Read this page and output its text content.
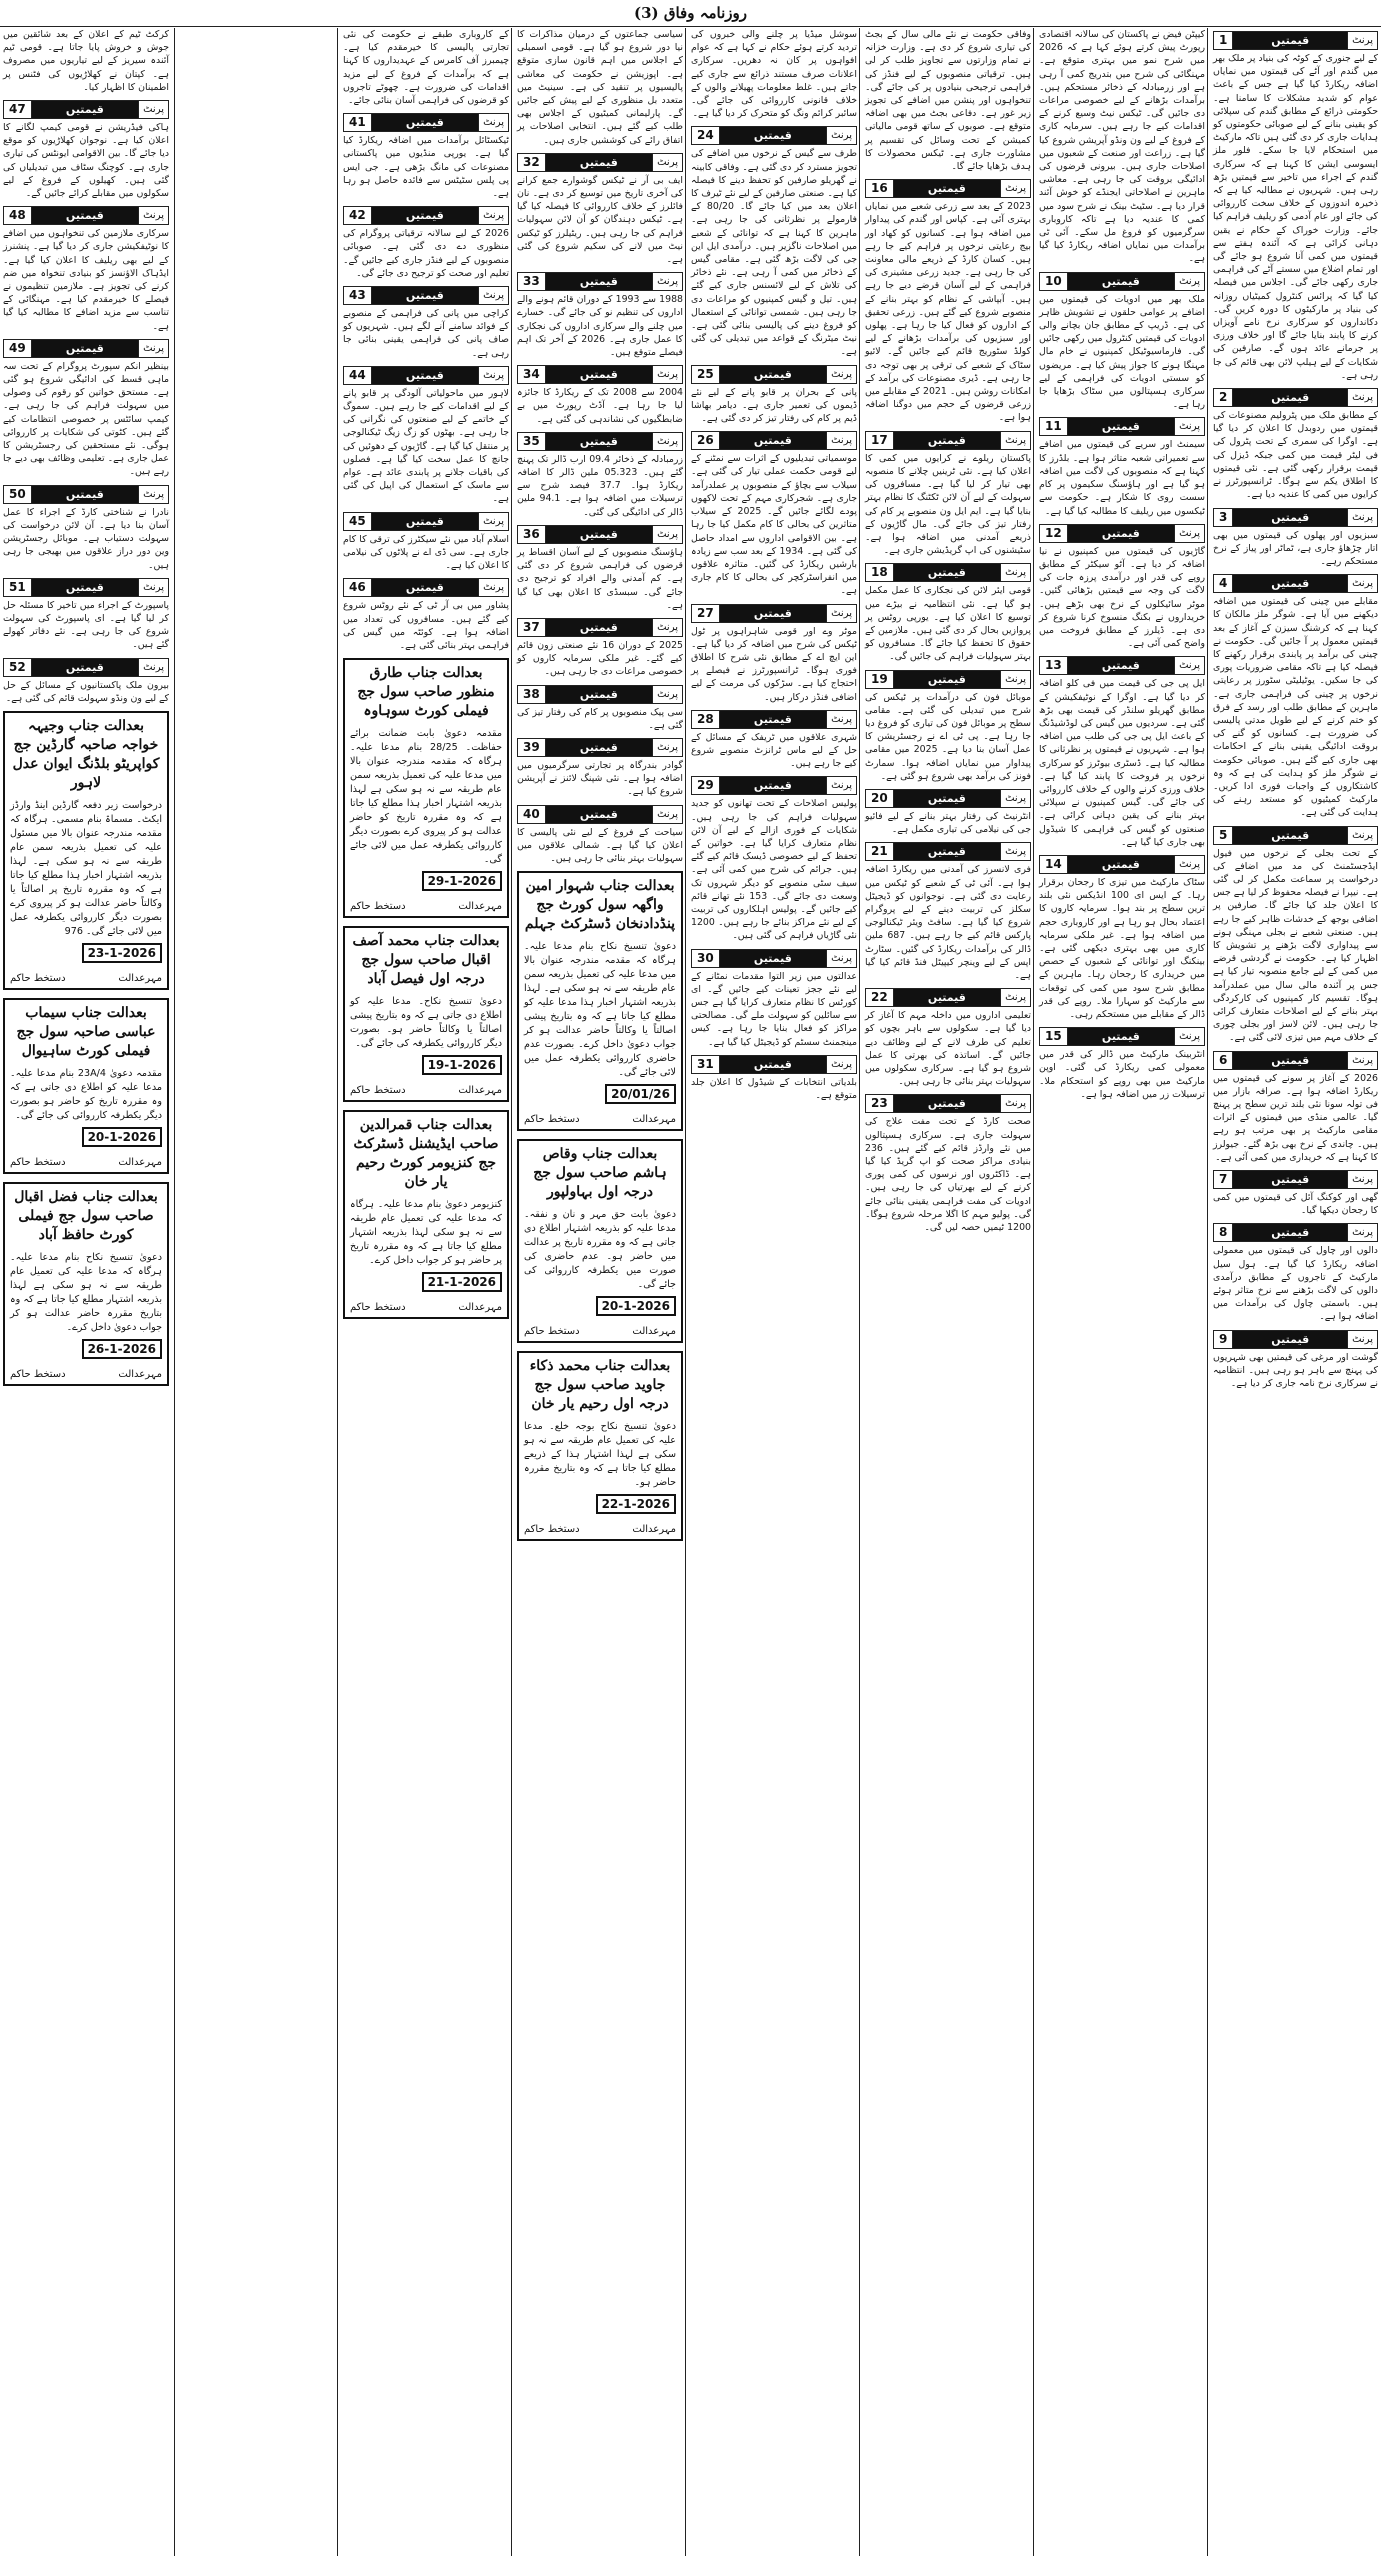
روزنامہ وفاق (3)
1	قیمتیں	پرنٹ
کے لیے جنوری کے کوٹہ کی بنیاد پر ملک بھر میں گندم اور آٹے کی قیمتوں میں نمایاں اضافہ ریکارڈ کیا گیا ہے جس کے باعث عوام کو شدید مشکلات کا سامنا ہے۔ حکومتی ذرائع کے مطابق گندم کی سپلائی کو یقینی بنانے کے لیے صوبائی حکومتوں کو ہدایات جاری کر دی گئی ہیں تاکہ مارکیٹ میں استحکام لایا جا سکے۔ فلور ملز ایسوسی ایشن کا کہنا ہے کہ سرکاری گندم کے اجراء میں تاخیر سے قیمتیں بڑھ رہی ہیں۔ شہریوں نے مطالبہ کیا ہے کہ ذخیرہ اندوزوں کے خلاف سخت کارروائی کی جائے اور عام آدمی کو ریلیف فراہم کیا جائے۔ وزارت خوراک کے حکام نے یقین دہانی کرائی ہے کہ آئندہ ہفتے سے قیمتوں میں کمی آنا شروع ہو جائے گی اور تمام اضلاع میں سستے آٹے کی فراہمی جاری رکھی جائے گی۔ اجلاس میں فیصلہ کیا گیا کہ پرائس کنٹرول کمیٹیاں روزانہ کی بنیاد پر مارکیٹوں کا دورہ کریں گی۔ دکانداروں کو سرکاری نرخ نامے آویزاں کرنے کا پابند بنایا جائے گا اور خلاف ورزی پر جرمانے عائد ہوں گے۔ صارفین کی شکایات کے لیے ہیلپ لائن بھی قائم کی جا رہی ہے۔
2	قیمتیں	پرنٹ
کے مطابق ملک میں پٹرولیم مصنوعات کی قیمتوں میں ردوبدل کا اعلان کر دیا گیا ہے۔ اوگرا کی سمری کے تحت پٹرول کی فی لیٹر قیمت میں کمی جبکہ ڈیزل کی قیمت برقرار رکھی گئی ہے۔ نئی قیمتوں کا اطلاق یکم سے ہوگا۔ ٹرانسپورٹرز نے کرایوں میں کمی کا عندیہ دیا ہے۔
3	قیمتیں	پرنٹ
سبزیوں اور پھلوں کی قیمتوں میں بھی اتار چڑھاؤ جاری ہے، ٹماٹر اور پیاز کے نرخ مستحکم رہے۔
4	قیمتیں	پرنٹ
مقابلے میں چینی کی قیمتوں میں اضافہ دیکھنے میں آیا ہے۔ شوگر ملز مالکان کا کہنا ہے کہ کرشنگ سیزن کے آغاز کے بعد قیمتیں معمول پر آ جائیں گی۔ حکومت نے چینی کی برآمد پر پابندی برقرار رکھنے کا فیصلہ کیا ہے تاکہ مقامی ضروریات پوری کی جا سکیں۔ یوٹیلیٹی سٹورز پر رعایتی نرخوں پر چینی کی فراہمی جاری ہے۔ ماہرین کے مطابق طلب اور رسد کے فرق کو ختم کرنے کے لیے طویل مدتی پالیسی کی ضرورت ہے۔ کسانوں کو گنے کی بروقت ادائیگی یقینی بنانے کے احکامات بھی جاری کیے گئے ہیں۔ صوبائی حکومت نے شوگر ملز کو ہدایت کی ہے کہ وہ کاشتکاروں کے واجبات فوری ادا کریں۔ مارکیٹ کمیٹیوں کو مستعد رہنے کی ہدایت کی گئی ہے۔
5	قیمتیں	پرنٹ
کے تحت بجلی کے نرخوں میں فیول ایڈجسٹمنٹ کی مد میں اضافے کی درخواست پر سماعت مکمل کر لی گئی ہے۔ نیپرا نے فیصلہ محفوظ کر لیا ہے جس کا اعلان جلد کیا جائے گا۔ صارفین پر اضافی بوجھ کے خدشات ظاہر کیے جا رہے ہیں۔ صنعتی شعبے نے بجلی مہنگی ہونے سے پیداواری لاگت بڑھنے پر تشویش کا اظہار کیا ہے۔ حکومت نے گردشی قرضے میں کمی کے لیے جامع منصوبہ تیار کیا ہے جس پر آئندہ مالی سال میں عملدرآمد ہوگا۔ تقسیم کار کمپنیوں کی کارکردگی بہتر بنانے کے لیے اصلاحات متعارف کرائی جا رہی ہیں۔ لائن لاسز اور بجلی چوری کے خلاف مہم میں تیزی لائی گئی ہے۔
6	قیمتیں	پرنٹ
2026 کے آغاز پر سونے کی قیمتوں میں ریکارڈ اضافہ ہوا ہے۔ صرافہ بازار میں فی تولہ سونا نئی بلند ترین سطح پر پہنچ گیا۔ عالمی منڈی میں قیمتوں کے اثرات مقامی مارکیٹ پر بھی مرتب ہو رہے ہیں۔ چاندی کے نرخ بھی بڑھ گئے۔ جیولرز کا کہنا ہے کہ خریداری میں کمی آئی ہے۔
7	قیمتیں	پرنٹ
گھی اور کوکنگ آئل کی قیمتوں میں کمی کا رجحان دیکھا گیا۔
8	قیمتیں	پرنٹ
دالوں اور چاول کی قیمتوں میں معمولی اضافہ ریکارڈ کیا گیا ہے۔ ہول سیل مارکیٹ کے تاجروں کے مطابق درآمدی دالوں کی لاگت بڑھنے سے نرخ متاثر ہوئے ہیں۔ باسمتی چاول کی برآمدات میں اضافہ ہوا ہے۔
9	قیمتیں	پرنٹ
گوشت اور مرغی کی قیمتیں بھی شہریوں کی پہنچ سے باہر ہو رہی ہیں۔ انتظامیہ نے سرکاری نرخ نامہ جاری کر دیا ہے۔
کیپٹن فیض نے پاکستان کی سالانہ اقتصادی رپورٹ پیش کرتے ہوئے کہا ہے کہ 2026 میں شرح نمو میں بہتری متوقع ہے۔ مہنگائی کی شرح میں بتدریج کمی آ رہی ہے اور زرمبادلہ کے ذخائر مستحکم ہیں۔ برآمدات بڑھانے کے لیے خصوصی مراعات دی جائیں گی۔ ٹیکس نیٹ وسیع کرنے کے اقدامات کیے جا رہے ہیں۔ سرمایہ کاری کے فروغ کے لیے ون ونڈو آپریشن شروع کیا گیا ہے۔ زراعت اور صنعت کے شعبوں میں اصلاحات جاری ہیں۔ بیرونی قرضوں کی ادائیگی بروقت کی جا رہی ہے۔ معاشی ماہرین نے اصلاحاتی ایجنڈے کو خوش آئند قرار دیا ہے۔ سٹیٹ بینک نے شرح سود میں کمی کا عندیہ دیا ہے تاکہ کاروباری سرگرمیوں کو فروغ مل سکے۔ آئی ٹی برآمدات میں نمایاں اضافہ ریکارڈ کیا گیا ہے۔
10	قیمتیں	پرنٹ
ملک بھر میں ادویات کی قیمتوں میں اضافے پر عوامی حلقوں نے تشویش ظاہر کی ہے۔ ڈریپ کے مطابق جان بچانے والی ادویات کی قیمتیں کنٹرول میں رکھی جائیں گی۔ فارماسیوٹیکل کمپنیوں نے خام مال مہنگا ہونے کا جواز پیش کیا ہے۔ مریضوں کو سستی ادویات کی فراہمی کے لیے سرکاری ہسپتالوں میں سٹاک بڑھایا جا رہا ہے۔
11	قیمتیں	پرنٹ
سیمنٹ اور سریے کی قیمتوں میں اضافے سے تعمیراتی شعبہ متاثر ہوا ہے۔ بلڈرز کا کہنا ہے کہ منصوبوں کی لاگت میں اضافہ ہو گیا ہے اور ہاؤسنگ سکیموں پر کام سست روی کا شکار ہے۔ حکومت سے ٹیکسوں میں ریلیف کا مطالبہ کیا گیا ہے۔
12	قیمتیں	پرنٹ
گاڑیوں کی قیمتوں میں کمپنیوں نے نیا اضافہ کر دیا ہے۔ آٹو سیکٹر کے مطابق روپے کی قدر اور درآمدی پرزہ جات کی لاگت کی وجہ سے قیمتیں بڑھائی گئیں۔ موٹر سائیکلوں کے نرخ بھی بڑھے ہیں۔ خریداروں نے بکنگ منسوخ کرنا شروع کر دی ہے۔ ڈیلرز کے مطابق فروخت میں واضح کمی آئی ہے۔
13	قیمتیں	پرنٹ
ایل پی جی کی قیمت میں فی کلو اضافہ کر دیا گیا ہے۔ اوگرا کے نوٹیفکیشن کے مطابق گھریلو سلنڈر کی قیمت بھی بڑھ گئی ہے۔ سردیوں میں گیس کی لوڈشیڈنگ کے باعث ایل پی جی کی طلب میں اضافہ ہوا ہے۔ شہریوں نے قیمتوں پر نظرثانی کا مطالبہ کیا ہے۔ ڈسٹری بیوٹرز کو سرکاری نرخوں پر فروخت کا پابند کیا گیا ہے۔ خلاف ورزی کرنے والوں کے خلاف کارروائی کی جائے گی۔ گیس کمپنیوں نے سپلائی بہتر بنانے کی یقین دہانی کرائی ہے۔ صنعتوں کو گیس کی فراہمی کا شیڈول بھی جاری کیا گیا ہے۔
14	قیمتیں	پرنٹ
سٹاک مارکیٹ میں تیزی کا رجحان برقرار رہا۔ کے ایس ای 100 انڈیکس نئی بلند ترین سطح پر بند ہوا۔ سرمایہ کاروں کا اعتماد بحال ہو رہا ہے اور کاروباری حجم میں اضافہ ہوا ہے۔ غیر ملکی سرمایہ کاری میں بھی بہتری دیکھی گئی ہے۔ بینکنگ اور توانائی کے شعبوں کے حصص میں خریداری کا رجحان رہا۔ ماہرین کے مطابق شرح سود میں کمی کی توقعات سے مارکیٹ کو سہارا ملا۔ روپے کی قدر ڈالر کے مقابلے میں مستحکم رہی۔
15	قیمتیں	پرنٹ
انٹربینک مارکیٹ میں ڈالر کی قدر میں معمولی کمی ریکارڈ کی گئی۔ اوپن مارکیٹ میں بھی روپے کو استحکام ملا۔ ترسیلات زر میں اضافہ ہوا ہے۔
وفاقی حکومت نے نئے مالی سال کے بجٹ کی تیاری شروع کر دی ہے۔ وزارت خزانہ نے تمام وزارتوں سے تجاویز طلب کر لی ہیں۔ ترقیاتی منصوبوں کے لیے فنڈز کی فراہمی ترجیحی بنیادوں پر کی جائے گی۔ تنخواہوں اور پنشن میں اضافے کی تجویز زیر غور ہے۔ دفاعی بجٹ میں بھی اضافہ متوقع ہے۔ صوبوں کے ساتھ قومی مالیاتی کمیشن کے تحت وسائل کی تقسیم پر مشاورت جاری ہے۔ ٹیکس محصولات کا ہدف بڑھایا جائے گا۔
16	قیمتیں	پرنٹ
2023 کے بعد سے زرعی شعبے میں نمایاں بہتری آئی ہے۔ کپاس اور گندم کی پیداوار میں اضافہ ہوا ہے۔ کسانوں کو کھاد اور بیج رعایتی نرخوں پر فراہم کیے جا رہے ہیں۔ کسان کارڈ کے ذریعے مالی معاونت کی جا رہی ہے۔ جدید زرعی مشینری کی فراہمی کے لیے آسان قرضے دیے جا رہے ہیں۔ آبپاشی کے نظام کو بہتر بنانے کے منصوبے شروع کیے گئے ہیں۔ زرعی تحقیق کے اداروں کو فعال کیا جا رہا ہے۔ پھلوں اور سبزیوں کی برآمدات بڑھانے کے لیے کولڈ سٹوریج قائم کیے جائیں گے۔ لائیو سٹاک کے شعبے کی ترقی پر بھی توجہ دی جا رہی ہے۔ ڈیری مصنوعات کی برآمد کے امکانات روشن ہیں۔ 2021 کے مقابلے میں زرعی قرضوں کے حجم میں دوگنا اضافہ ہوا ہے۔
17	قیمتیں	پرنٹ
پاکستان ریلوے نے کرایوں میں کمی کا اعلان کیا ہے۔ نئی ٹرینیں چلانے کا منصوبہ بھی تیار کر لیا گیا ہے۔ مسافروں کی سہولت کے لیے آن لائن ٹکٹنگ کا نظام بہتر بنایا گیا ہے۔ ایم ایل ون منصوبے پر کام کی رفتار تیز کی جائے گی۔ مال گاڑیوں کے ذریعے آمدنی میں اضافہ ہوا ہے۔ سٹیشنوں کی اپ گریڈیشن جاری ہے۔
18	قیمتیں	پرنٹ
قومی ایئر لائن کی نجکاری کا عمل مکمل ہو گیا ہے۔ نئی انتظامیہ نے بیڑے میں توسیع کا اعلان کیا ہے۔ یورپی روٹس پر پروازیں بحال کر دی گئی ہیں۔ ملازمین کے حقوق کا تحفظ کیا جائے گا۔ مسافروں کو بہتر سہولیات فراہم کی جائیں گی۔
19	قیمتیں	پرنٹ
موبائل فون کی درآمدات پر ٹیکس کی شرح میں تبدیلی کی گئی ہے۔ مقامی سطح پر موبائل فون کی تیاری کو فروغ دیا جا رہا ہے۔ پی ٹی اے نے رجسٹریشن کا عمل آسان بنا دیا ہے۔ 2025 میں مقامی پیداوار میں نمایاں اضافہ ہوا۔ سمارٹ فونز کی برآمد بھی شروع ہو گئی ہے۔
20	قیمتیں	پرنٹ
انٹرنیٹ کی رفتار بہتر بنانے کے لیے فائیو جی کی نیلامی کی تیاری مکمل ہے۔
21	قیمتیں	پرنٹ
فری لانسرز کی آمدنی میں ریکارڈ اضافہ ہوا ہے۔ آئی ٹی کے شعبے کو ٹیکس میں رعایت دی گئی ہے۔ نوجوانوں کو ڈیجیٹل سکلز کی تربیت دینے کے لیے پروگرام شروع کیا گیا ہے۔ سافٹ ویئر ٹیکنالوجی پارکس قائم کیے جا رہے ہیں۔ 687 ملین ڈالر کی برآمدات ریکارڈ کی گئیں۔ سٹارٹ اپس کے لیے وینچر کیپیٹل فنڈ قائم کیا گیا ہے۔
22	قیمتیں	پرنٹ
تعلیمی اداروں میں داخلہ مہم کا آغاز کر دیا گیا ہے۔ سکولوں سے باہر بچوں کو تعلیم کی طرف لانے کے لیے وظائف دیے جائیں گے۔ اساتذہ کی بھرتی کا عمل شروع ہو گیا ہے۔ سرکاری سکولوں میں سہولیات بہتر بنائی جا رہی ہیں۔
23	قیمتیں	پرنٹ
صحت کارڈ کے تحت مفت علاج کی سہولت جاری ہے۔ سرکاری ہسپتالوں میں نئے وارڈز قائم کیے گئے ہیں۔ 236 بنیادی مراکز صحت کو اپ گریڈ کیا گیا ہے۔ ڈاکٹروں اور نرسوں کی کمی پوری کرنے کے لیے بھرتیاں کی جا رہی ہیں۔ ادویات کی مفت فراہمی یقینی بنائی جائے گی۔ پولیو مہم کا اگلا مرحلہ شروع ہوگا۔ 1200 ٹیمیں حصہ لیں گی۔
سوشل میڈیا پر چلنے والی خبروں کی تردید کرتے ہوئے حکام نے کہا ہے کہ عوام افواہوں پر کان نہ دھریں۔ سرکاری اعلانات صرف مستند ذرائع سے جاری کیے جاتے ہیں۔ غلط معلومات پھیلانے والوں کے خلاف قانونی کارروائی کی جائے گی۔ سائبر کرائم ونگ کو متحرک کر دیا گیا ہے۔
24	قیمتیں	پرنٹ
طرف سے گیس کے نرخوں میں اضافے کی تجویز مسترد کر دی گئی ہے۔ وفاقی کابینہ نے گھریلو صارفین کو تحفظ دینے کا فیصلہ کیا ہے۔ صنعتی صارفین کے لیے نئے ٹیرف کا اعلان بعد میں کیا جائے گا۔ 80/20 کے فارمولے پر نظرثانی کی جا رہی ہے۔ ماہرین کا کہنا ہے کہ توانائی کے شعبے میں اصلاحات ناگزیر ہیں۔ درآمدی ایل این جی کی لاگت بڑھ گئی ہے۔ مقامی گیس کے ذخائر میں کمی آ رہی ہے۔ نئے ذخائر کی تلاش کے لیے لائسنس جاری کیے گئے ہیں۔ تیل و گیس کمپنیوں کو مراعات دی جا رہی ہیں۔ شمسی توانائی کے استعمال کو فروغ دینے کی پالیسی بنائی گئی ہے۔ نیٹ میٹرنگ کے قواعد میں تبدیلی کی گئی ہے۔
25	قیمتیں	پرنٹ
پانی کے بحران پر قابو پانے کے لیے نئے ڈیموں کی تعمیر جاری ہے۔ دیامر بھاشا ڈیم پر کام کی رفتار تیز کر دی گئی ہے۔
26	قیمتیں	پرنٹ
موسمیاتی تبدیلیوں کے اثرات سے نمٹنے کے لیے قومی حکمت عملی تیار کی گئی ہے۔ سیلاب سے بچاؤ کے منصوبوں پر عملدرآمد جاری ہے۔ شجرکاری مہم کے تحت لاکھوں پودے لگائے جائیں گے۔ 2025 کے سیلاب متاثرین کی بحالی کا کام مکمل کیا جا رہا ہے۔ بین الاقوامی اداروں سے امداد حاصل کی گئی ہے۔ 1934 کے بعد سب سے زیادہ بارشیں ریکارڈ کی گئیں۔ متاثرہ علاقوں میں انفراسٹرکچر کی بحالی کا کام جاری ہے۔
27	قیمتیں	پرنٹ
موٹر وے اور قومی شاہراہوں پر ٹول ٹیکس کی شرح میں اضافہ کر دیا گیا ہے۔ این ایچ اے کے مطابق نئی شرح کا اطلاق فوری ہوگا۔ ٹرانسپورٹرز نے فیصلے پر احتجاج کیا ہے۔ سڑکوں کی مرمت کے لیے اضافی فنڈز درکار ہیں۔
28	قیمتیں	پرنٹ
شہری علاقوں میں ٹریفک کے مسائل کے حل کے لیے ماس ٹرانزٹ منصوبے شروع کیے جا رہے ہیں۔
29	قیمتیں	پرنٹ
پولیس اصلاحات کے تحت تھانوں کو جدید سہولیات فراہم کی جا رہی ہیں۔ شکایات کے فوری ازالے کے لیے آن لائن نظام متعارف کرایا گیا ہے۔ خواتین کے تحفظ کے لیے خصوصی ڈیسک قائم کیے گئے ہیں۔ جرائم کی شرح میں کمی آئی ہے۔ سیف سٹی منصوبے کو دیگر شہروں تک وسعت دی جائے گی۔ 153 نئے تھانے قائم کیے جائیں گے۔ پولیس اہلکاروں کی تربیت کے لیے نئے مراکز بنائے جا رہے ہیں۔ 1200 نئی گاڑیاں فراہم کی گئی ہیں۔
30	قیمتیں	پرنٹ
عدالتوں میں زیر التوا مقدمات نمٹانے کے لیے نئے ججز تعینات کیے جائیں گے۔ ای کورٹس کا نظام متعارف کرایا گیا ہے جس سے سائلین کو سہولت ملے گی۔ مصالحتی مراکز کو فعال بنایا جا رہا ہے۔ کیس مینجمنٹ سسٹم کو ڈیجیٹل کیا گیا ہے۔
31	قیمتیں	پرنٹ
بلدیاتی انتخابات کے شیڈول کا اعلان جلد متوقع ہے۔
سیاسی جماعتوں کے درمیان مذاکرات کا نیا دور شروع ہو گیا ہے۔ قومی اسمبلی کے اجلاس میں اہم قانون سازی متوقع ہے۔ اپوزیشن نے حکومت کی معاشی پالیسیوں پر تنقید کی ہے۔ سینیٹ میں متعدد بل منظوری کے لیے پیش کیے جائیں گے۔ پارلیمانی کمیٹیوں کے اجلاس بھی طلب کیے گئے ہیں۔ انتخابی اصلاحات پر اتفاق رائے کی کوششیں جاری ہیں۔
32	قیمتیں	پرنٹ
ایف بی آر نے ٹیکس گوشوارے جمع کرانے کی آخری تاریخ میں توسیع کر دی ہے۔ نان فائلرز کے خلاف کارروائی کا فیصلہ کیا گیا ہے۔ ٹیکس دہندگان کو آن لائن سہولیات فراہم کی جا رہی ہیں۔ ریٹیلرز کو ٹیکس نیٹ میں لانے کی سکیم شروع کی گئی ہے۔
33	قیمتیں	پرنٹ
1988 سے 1993 کے دوران قائم ہونے والے اداروں کی تنظیم نو کی جائے گی۔ خسارے میں چلنے والے سرکاری اداروں کی نجکاری کا عمل جاری ہے۔ 2026 کے آخر تک اہم فیصلے متوقع ہیں۔
34	قیمتیں	پرنٹ
2004 سے 2008 تک کے ریکارڈ کا جائزہ لیا جا رہا ہے۔ آڈٹ رپورٹ میں بے ضابطگیوں کی نشاندہی کی گئی ہے۔
35	قیمتیں	پرنٹ
زرمبادلہ کے ذخائر 09.4 ارب ڈالر تک پہنچ گئے ہیں۔ 05.323 ملین ڈالر کا اضافہ ریکارڈ ہوا۔ 37.7 فیصد شرح سے ترسیلات میں اضافہ ہوا ہے۔ 94.1 ملین ڈالر کی ادائیگی کی گئی۔
36	قیمتیں	پرنٹ
ہاؤسنگ منصوبوں کے لیے آسان اقساط پر قرضوں کی فراہمی شروع کر دی گئی ہے۔ کم آمدنی والے افراد کو ترجیح دی جائے گی۔ سبسڈی کا اعلان بھی کیا گیا ہے۔
37	قیمتیں	پرنٹ
2025 کے دوران 16 نئے صنعتی زون قائم کیے گئے۔ غیر ملکی سرمایہ کاروں کو خصوصی مراعات دی جا رہی ہیں۔
38	قیمتیں	پرنٹ
سی پیک منصوبوں پر کام کی رفتار تیز کی گئی ہے۔
39	قیمتیں	پرنٹ
گوادر بندرگاہ پر تجارتی سرگرمیوں میں اضافہ ہوا ہے۔ نئی شپنگ لائنز نے آپریشن شروع کیا ہے۔
40	قیمتیں	پرنٹ
سیاحت کے فروغ کے لیے نئی پالیسی کا اعلان کیا گیا ہے۔ شمالی علاقوں میں سہولیات بہتر بنائی جا رہی ہیں۔
بعدالت جناب شہوار امین واگھہ سول کورٹ جج پنڈدادنخان ڈسٹرکٹ جہلم
دعویٰ تنسیخ نکاح بنام مدعا علیہ۔ ہرگاہ کہ مقدمہ مندرجہ عنوان بالا میں مدعا علیہ کی تعمیل بذریعہ سمن عام طریقہ سے نہ ہو سکی ہے۔ لہذا بذریعہ اشتہار اخبار ہذا مدعا علیہ کو مطلع کیا جاتا ہے کہ وہ بتاریخ پیشی اصالتاً یا وکالتاً حاضر عدالت ہو کر جواب دعویٰ داخل کرے۔ بصورت عدم حاضری کارروائی یکطرفہ عمل میں لائی جائے گی۔
20/01/26
مہرعدالت
دستخط حاکم
بعدالت جناب وقاص ہاشم صاحب سول جج درجہ اول بہاولپور
دعویٰ بابت حق مہر و نان و نفقہ۔ مدعا علیہ کو بذریعہ اشتہار اطلاع دی جاتی ہے کہ وہ مقررہ تاریخ پر عدالت میں حاضر ہو۔ عدم حاضری کی صورت میں یکطرفہ کارروائی کی جائے گی۔
20-1-2026
مہرعدالت
دستخط حاکم
بعدالت جناب محمد ذکاء جاوید صاحب سول جج درجہ اول رحیم یار خان
دعویٰ تنسیخ نکاح بوجہ خلع۔ مدعا علیہ کی تعمیل عام طریقہ سے نہ ہو سکی ہے لہذا اشتہار ہذا کے ذریعے مطلع کیا جاتا ہے کہ وہ بتاریخ مقررہ حاضر ہو۔
22-1-2026
مہرعدالت
دستخط حاکم
کے کاروباری طبقے نے حکومت کی نئی تجارتی پالیسی کا خیرمقدم کیا ہے۔ چیمبرز آف کامرس کے عہدیداروں کا کہنا ہے کہ برآمدات کے فروغ کے لیے مزید اقدامات کی ضرورت ہے۔ چھوٹے تاجروں کو قرضوں کی فراہمی آسان بنائی جائے۔
41	قیمتیں	پرنٹ
ٹیکسٹائل برآمدات میں اضافہ ریکارڈ کیا گیا ہے۔ یورپی منڈیوں میں پاکستانی مصنوعات کی مانگ بڑھی ہے۔ جی ایس پی پلس سٹیٹس سے فائدہ حاصل ہو رہا ہے۔
42	قیمتیں	پرنٹ
2026 کے لیے سالانہ ترقیاتی پروگرام کی منظوری دے دی گئی ہے۔ صوبائی منصوبوں کے لیے فنڈز جاری کیے جائیں گے۔ تعلیم اور صحت کو ترجیح دی جائے گی۔
43	قیمتیں	پرنٹ
کراچی میں پانی کی فراہمی کے منصوبے کے فوائد سامنے آنے لگے ہیں۔ شہریوں کو صاف پانی کی فراہمی یقینی بنائی جا رہی ہے۔
44	قیمتیں	پرنٹ
لاہور میں ماحولیاتی آلودگی پر قابو پانے کے لیے اقدامات کیے جا رہے ہیں۔ سموگ کے خاتمے کے لیے صنعتوں کی نگرانی کی جا رہی ہے۔ بھٹوں کو زگ زیگ ٹیکنالوجی پر منتقل کیا گیا ہے۔ گاڑیوں کے دھوئیں کی جانچ کا عمل سخت کیا گیا ہے۔ فصلوں کی باقیات جلانے پر پابندی عائد ہے۔ عوام سے ماسک کے استعمال کی اپیل کی گئی ہے۔
45	قیمتیں	پرنٹ
اسلام آباد میں نئے سیکٹرز کی ترقی کا کام جاری ہے۔ سی ڈی اے نے پلاٹوں کی نیلامی کا اعلان کیا ہے۔
46	قیمتیں	پرنٹ
پشاور میں بی آر ٹی کے نئے روٹس شروع کیے گئے ہیں۔ مسافروں کی تعداد میں اضافہ ہوا ہے۔ کوئٹہ میں گیس کی فراہمی بہتر بنائی گئی ہے۔
بعدالت جناب طارق منظور صاحب سول جج فیملی کورٹ سوہاوہ
مقدمہ دعویٰ بابت ضمانت برائے حفاظت۔ 28/25 بنام مدعا علیہ۔ ہرگاہ کہ مقدمہ مندرجہ عنوان بالا میں مدعا علیہ کی تعمیل بذریعہ سمن عام طریقہ سے نہ ہو سکی ہے لہذا بذریعہ اشتہار اخبار ہذا مطلع کیا جاتا ہے کہ وہ مقررہ تاریخ کو حاضر عدالت ہو کر پیروی کرے بصورت دیگر کارروائی یکطرفہ عمل میں لائی جائے گی۔
29-1-2026
مہرعدالت
دستخط حاکم
بعدالت جناب محمد آصف اقبال صاحب سول جج درجہ اول فیصل آباد
دعویٰ تنسیخ نکاح۔ مدعا علیہ کو اطلاع دی جاتی ہے کہ وہ بتاریخ پیشی اصالتاً یا وکالتاً حاضر ہو۔ بصورت دیگر کارروائی یکطرفہ کی جائے گی۔
19-1-2026
مہرعدالت
دستخط حاکم
بعدالت جناب قمرالدین صاحب ایڈیشنل ڈسٹرکٹ جج کنزیومر کورٹ رحیم یار خان
کنزیومر دعویٰ بنام مدعا علیہ۔ ہرگاہ کہ مدعا علیہ کی تعمیل عام طریقہ سے نہ ہو سکی لہذا بذریعہ اشتہار مطلع کیا جاتا ہے کہ وہ مقررہ تاریخ پر حاضر ہو کر جواب داخل کرے۔
21-1-2026
مہرعدالت
دستخط حاکم
کرکٹ ٹیم کے اعلان کے بعد شائقین میں جوش و خروش پایا جاتا ہے۔ قومی ٹیم آئندہ سیریز کے لیے تیاریوں میں مصروف ہے۔ کپتان نے کھلاڑیوں کی فٹنس پر اطمینان کا اظہار کیا۔
47	قیمتیں	پرنٹ
ہاکی فیڈریشن نے قومی کیمپ لگانے کا اعلان کیا ہے۔ نوجوان کھلاڑیوں کو موقع دیا جائے گا۔ بین الاقوامی ایونٹس کی تیاری جاری ہے۔ کوچنگ سٹاف میں تبدیلیاں کی گئی ہیں۔ کھیلوں کے فروغ کے لیے سکولوں میں مقابلے کرائے جائیں گے۔
48	قیمتیں	پرنٹ
سرکاری ملازمین کی تنخواہوں میں اضافے کا نوٹیفکیشن جاری کر دیا گیا ہے۔ پنشنرز کے لیے بھی ریلیف کا اعلان کیا گیا ہے۔ ایڈہاک الاؤنسز کو بنیادی تنخواہ میں ضم کرنے کی تجویز ہے۔ ملازمین تنظیموں نے فیصلے کا خیرمقدم کیا ہے۔ مہنگائی کے تناسب سے مزید اضافے کا مطالبہ کیا گیا ہے۔
49	قیمتیں	پرنٹ
بینظیر انکم سپورٹ پروگرام کے تحت سہ ماہی قسط کی ادائیگی شروع ہو گئی ہے۔ مستحق خواتین کو رقوم کی وصولی میں سہولت فراہم کی جا رہی ہے۔ کیمپ سائٹس پر خصوصی انتظامات کیے گئے ہیں۔ کٹوتی کی شکایات پر کارروائی ہوگی۔ نئے مستحقین کی رجسٹریشن کا عمل جاری ہے۔ تعلیمی وظائف بھی دیے جا رہے ہیں۔
50	قیمتیں	پرنٹ
نادرا نے شناختی کارڈ کے اجراء کا عمل آسان بنا دیا ہے۔ آن لائن درخواست کی سہولت دستیاب ہے۔ موبائل رجسٹریشن وین دور دراز علاقوں میں بھیجی جا رہی ہیں۔
51	قیمتیں	پرنٹ
پاسپورٹ کے اجراء میں تاخیر کا مسئلہ حل کر لیا گیا ہے۔ ای پاسپورٹ کی سہولت شروع کی جا رہی ہے۔ نئے دفاتر کھولے گئے ہیں۔
52	قیمتیں	پرنٹ
بیرون ملک پاکستانیوں کے مسائل کے حل کے لیے ون ونڈو سہولت قائم کی گئی ہے۔
بعدالت جناب وجیہہ خواجہ صاحبہ گارڈین جج کواپریٹو بلڈنگ ایوان عدل لاہور
درخواست زیر دفعہ گارڈین اینڈ وارڈز ایکٹ۔ مسماۃ بنام مسمی۔ ہرگاہ کہ مقدمہ مندرجہ عنوان بالا میں مسئول علیہ کی تعمیل بذریعہ سمن عام طریقہ سے نہ ہو سکی ہے۔ لہذا بذریعہ اشتہار اخبار ہذا مطلع کیا جاتا ہے کہ وہ مقررہ تاریخ پر اصالتاً یا وکالتاً حاضر عدالت ہو کر پیروی کرے بصورت دیگر کارروائی یکطرفہ عمل میں لائی جائے گی۔ 976
23-1-2026
مہرعدالت
دستخط حاکم
بعدالت جناب سیماب عباسی صاحبہ سول جج فیملی کورٹ ساہیوال
مقدمہ دعویٰ 23A/4 بنام مدعا علیہ۔ مدعا علیہ کو اطلاع دی جاتی ہے کہ وہ مقررہ تاریخ کو حاضر ہو بصورت دیگر یکطرفہ کارروائی کی جائے گی۔
20-1-2026
مہرعدالت
دستخط حاکم
بعدالت جناب فضل اقبال صاحب سول جج فیملی کورٹ حافظ آباد
دعویٰ تنسیخ نکاح بنام مدعا علیہ۔ ہرگاہ کہ مدعا علیہ کی تعمیل عام طریقہ سے نہ ہو سکی ہے لہذا بذریعہ اشتہار مطلع کیا جاتا ہے کہ وہ بتاریخ مقررہ حاضر عدالت ہو کر جواب دعویٰ داخل کرے۔
26-1-2026
مہرعدالت
دستخط حاکم
